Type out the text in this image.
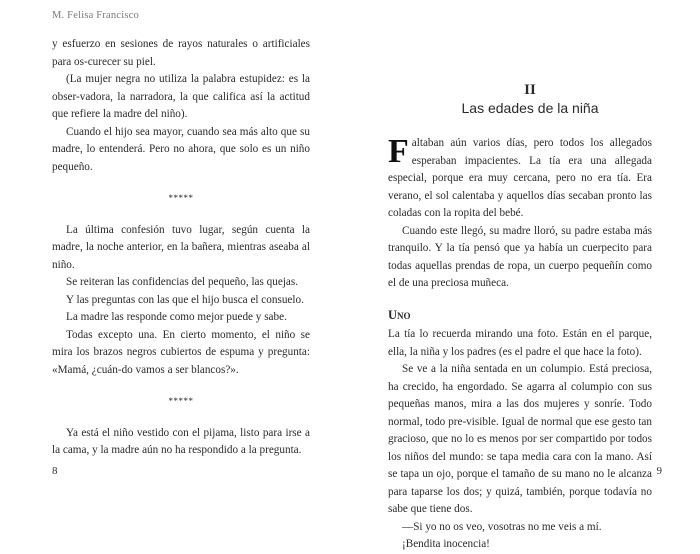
M. Felisa Francisco

y esfuerzo en sesiones de rayos naturales o artificiales para os-curecer su piel.

(La mujer negra no utiliza la palabra estupidez: es la obser-vadora, la narradora, la que califica así la actitud que refiere la madre del niño).

Cuando el hijo sea mayor, cuando sea más alto que su madre, lo entenderá. Pero no ahora, que solo es un niño pequeño.

*****

La última confesión tuvo lugar, según cuenta la madre, la noche anterior, en la bañera, mientras aseaba al niño.

Se reiteran las confidencias del pequeño, las quejas.

Y las preguntas con las que el hijo busca el consuelo.

La madre las responde como mejor puede y sabe.

Todas excepto una. En cierto momento, el niño se mira los brazos negros cubiertos de espuma y pregunta: «Mamá, ¿cuán-do vamos a ser blancos?».

*****

Ya está el niño vestido con el pijama, listo para irse a la cama, y la madre aún no ha respondido a la pregunta.

8
II
Las edades de la niña

Faltaban aún varios días, pero todos los allegados esperaban impacientes. La tía era una allegada especial, porque era muy cercana, pero no era tía. Era verano, el sol calentaba y aquellos días secaban pronto las coladas con la ropita del bebé.

Cuando este llegó, su madre lloró, su padre estaba más tranquilo. Y la tía pensó que ya había un cuerpecito para todas aquellas prendas de ropa, un cuerpo pequeñín como el de una preciosa muñeca.

Uno

La tía lo recuerda mirando una foto. Están en el parque, ella, la niña y los padres (es el padre el que hace la foto).

Se ve a la niña sentada en un columpio. Está preciosa, ha crecido, ha engordado. Se agarra al columpio con sus pequeñas manos, mira a las dos mujeres y sonríe. Todo normal, todo pre-visible. Igual de normal que ese gesto tan gracioso, que no lo es menos por ser compartido por todos los niños del mundo: se tapa media cara con la mano. Así se tapa un ojo, porque el tamaño de su mano no le alcanza para taparse los dos; y quizá, también, porque todavía no sabe que tiene dos.

—Si yo no os veo, vosotras no me veis a mí.

¡Bendita inocencia!

9
